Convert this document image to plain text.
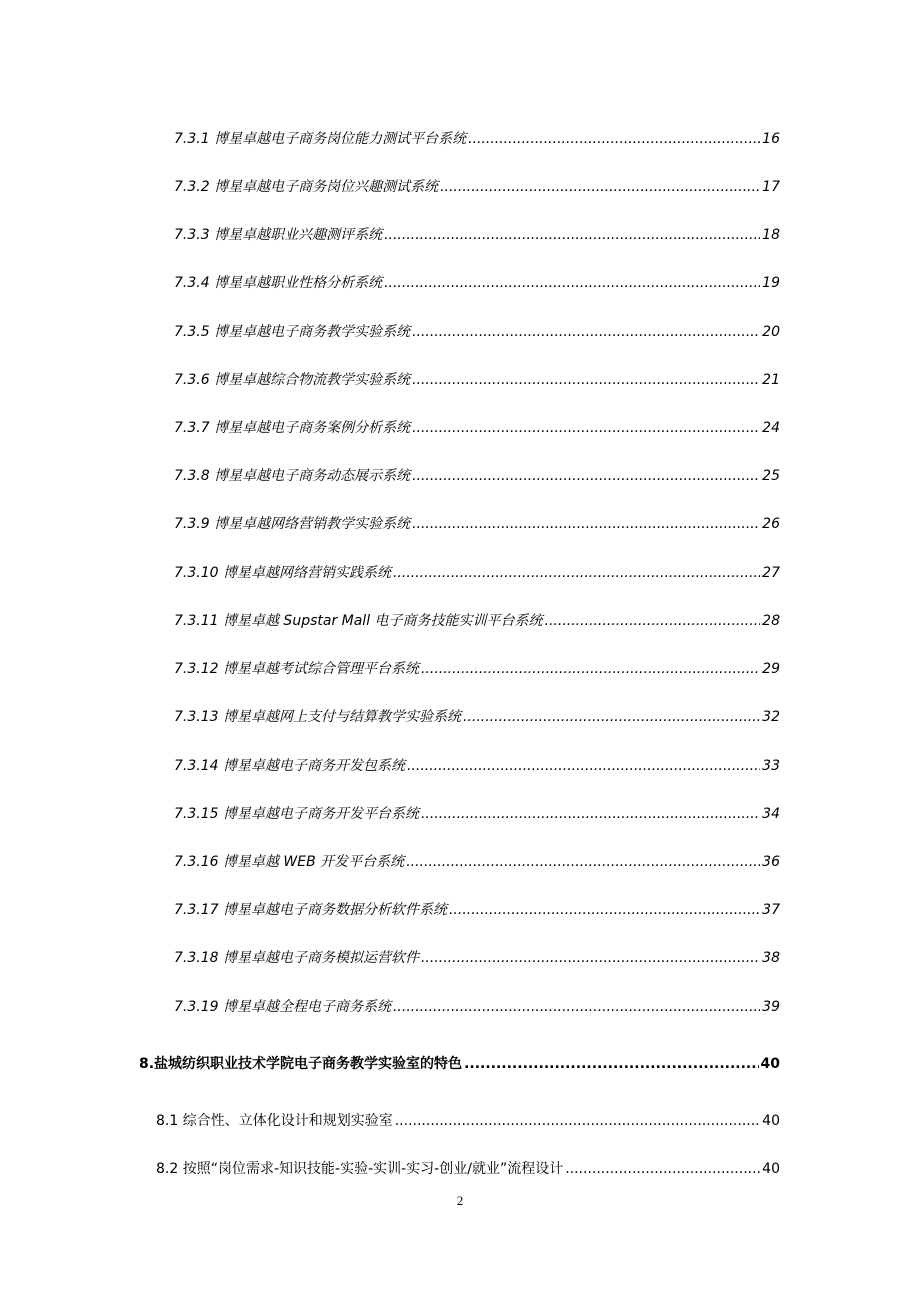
7.3.1 博星卓越电子商务岗位能力测试平台系统 .....	16
7.3.2 博星卓越电子商务岗位兴趣测试系统 .....	17
7.3.3 博星卓越职业兴趣测评系统 .....	18
7.3.4 博星卓越职业性格分析系统 .....	19
7.3.5 博星卓越电子商务教学实验系统 .....	20
7.3.6 博星卓越综合物流教学实验系统 .....	21
7.3.7 博星卓越电子商务案例分析系统 .....	24
7.3.8 博星卓越电子商务动态展示系统 .....	25
7.3.9 博星卓越网络营销教学实验系统 .....	26
7.3.10 博星卓越网络营销实践系统 .....	27
7.3.11 博星卓越 Supstar Mall 电子商务技能实训平台系统 .....	28
7.3.12 博星卓越考试综合管理平台系统 .....	29
7.3.13 博星卓越网上支付与结算教学实验系统 .....	32
7.3.14 博星卓越电子商务开发包系统 .....	33
7.3.15 博星卓越电子商务开发平台系统 .....	34
7.3.16 博星卓越 WEB 开发平台系统 .....	36
7.3.17 博星卓越电子商务数据分析软件系统 .....	37
7.3.18 博星卓越电子商务模拟运营软件 .....	38
7.3.19 博星卓越全程电子商务系统 .....	39
8.盐城纺织职业技术学院电子商务教学实验室的特色 .....	40
8.1 综合性、立体化设计和规划实验室 .....	40
8.2 按照“岗位需求-知识技能-实验-实训-实习-创业/就业”流程设计 .....	40
2
